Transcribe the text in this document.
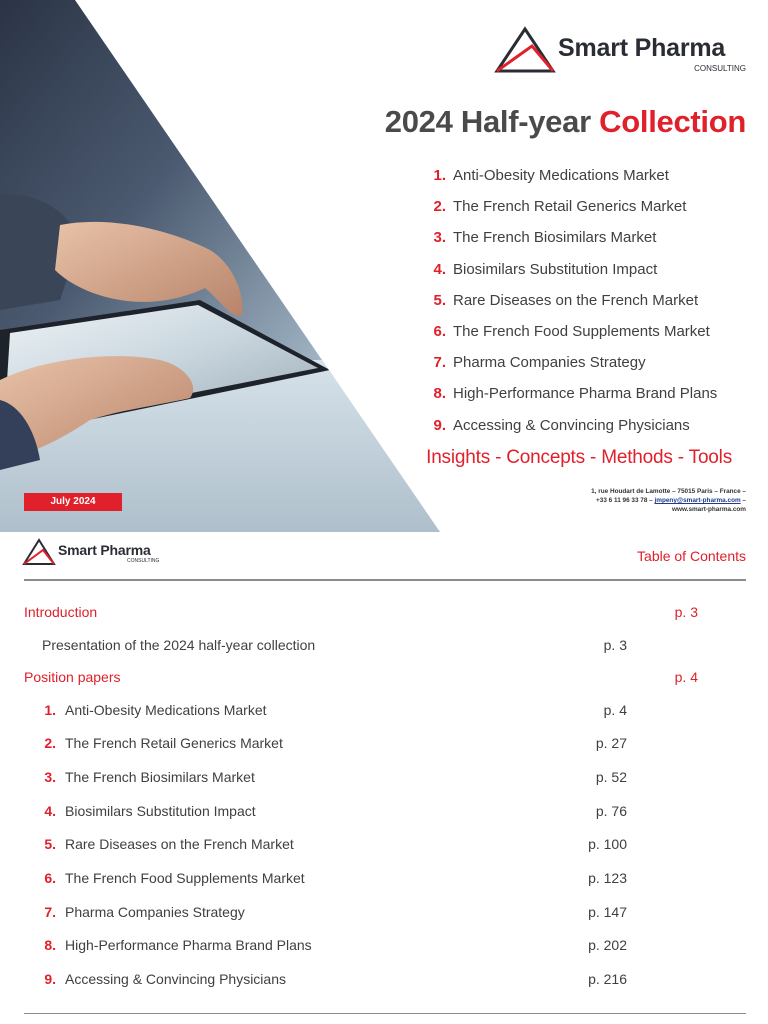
Smart Pharma
CONSULTING
2024 Half-year Collection
1. Anti-Obesity Medications Market
2. The French Retail Generics Market
3. The French Biosimilars Market
4. Biosimilars Substitution Impact
5. Rare Diseases on the French Market
6. The French Food Supplements Market
7. Pharma Companies Strategy
8. High-Performance Pharma Brand Plans
9. Accessing & Convincing Physicians
Insights - Concepts - Methods - Tools
July 2024
1, rue Houdart de Lamotte – 75015 Paris – France –
+33 6 11 96 33 78 – jmpeny@smart-pharma.com –
www.smart-pharma.com
Smart Pharma
CONSULTING	Table of Contents
Introduction	p. 3
Presentation of the 2024 half-year collection	p. 3
Position papers	p. 4
1. Anti-Obesity Medications Market	p. 4
2. The French Retail Generics Market	p. 27
3. The French Biosimilars Market	p. 52
4. Biosimilars Substitution Impact	p. 76
5. Rare Diseases on the French Market	p. 100
6. The French Food Supplements Market	p. 123
7. Pharma Companies Strategy	p. 147
8. High-Performance Pharma Brand Plans	p. 202
9. Accessing & Convincing Physicians	p. 216
